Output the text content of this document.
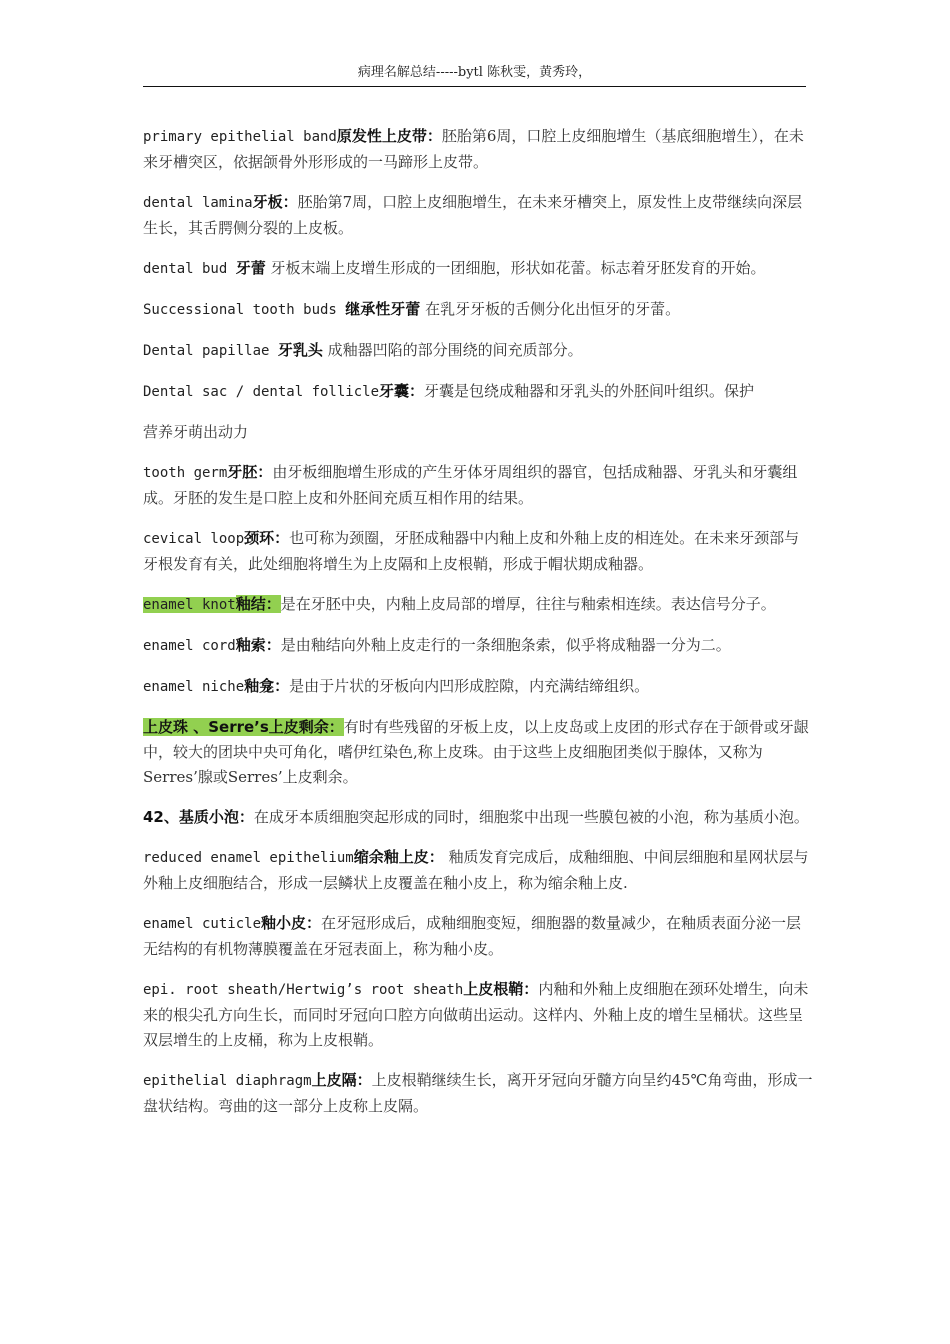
病理名解总结-----bytl 陈秋雯，黄秀玲，

primary epithelial band原发性上皮带：胚胎第6周，口腔上皮细胞增生（基底细胞增生），在未来牙槽突区，依据颌骨外形形成的一马蹄形上皮带。

dental lamina牙板：胚胎第7周，口腔上皮细胞增生，在未来牙槽突上，原发性上皮带继续向深层生长，其舌腭侧分裂的上皮板。

dental bud 牙蕾 牙板末端上皮增生形成的一团细胞，形状如花蕾。标志着牙胚发育的开始。

Successional tooth buds 继承性牙蕾 在乳牙牙板的舌侧分化出恒牙的牙蕾。

Dental papillae 牙乳头 成釉器凹陷的部分围绕的间充质部分。

Dental sac / dental follicle牙囊：牙囊是包绕成釉器和牙乳头的外胚间叶组织。保护

营养牙萌出动力

tooth germ牙胚：由牙板细胞增生形成的产生牙体牙周组织的器官，包括成釉器、牙乳头和牙囊组成。牙胚的发生是口腔上皮和外胚间充质互相作用的结果。

cevical loop颈环：也可称为颈圈，牙胚成釉器中内釉上皮和外釉上皮的相连处。在未来牙颈部与牙根发育有关，此处细胞将增生为上皮隔和上皮根鞘，形成于帽状期成釉器。

enamel knot釉结：是在牙胚中央，内釉上皮局部的增厚，往往与釉索相连续。表达信号分子。

enamel cord釉索：是由釉结向外釉上皮走行的一条细胞条索，似乎将成釉器一分为二。

enamel niche釉龛：是由于片状的牙板向内凹形成腔隙，内充满结缔组织。

上皮珠 、Serre’s上皮剩余：有时有些残留的牙板上皮，以上皮岛或上皮团的形式存在于颌骨或牙龈中，较大的团块中央可角化，嗜伊红染色,称上皮珠。由于这些上皮细胞团类似于腺体，又称为Serres’腺或Serres’上皮剩余。

42、基质小泡：在成牙本质细胞突起形成的同时，细胞浆中出现一些膜包被的小泡，称为基质小泡。

reduced enamel epithelium缩余釉上皮： 釉质发育完成后，成釉细胞、中间层细胞和星网状层与外釉上皮细胞结合，形成一层鳞状上皮覆盖在釉小皮上，称为缩余釉上皮.

enamel cuticle釉小皮：在牙冠形成后，成釉细胞变短，细胞器的数量减少，在釉质表面分泌一层无结构的有机物薄膜覆盖在牙冠表面上，称为釉小皮。

epi. root sheath/Hertwig’s root sheath上皮根鞘：内釉和外釉上皮细胞在颈环处增生，向未来的根尖孔方向生长，而同时牙冠向口腔方向做萌出运动。这样内、外釉上皮的增生呈桶状。这些呈双层增生的上皮桶，称为上皮根鞘。

epithelial diaphragm上皮隔：上皮根鞘继续生长，离开牙冠向牙髓方向呈约45℃角弯曲，形成一盘状结构。弯曲的这一部分上皮称上皮隔。
